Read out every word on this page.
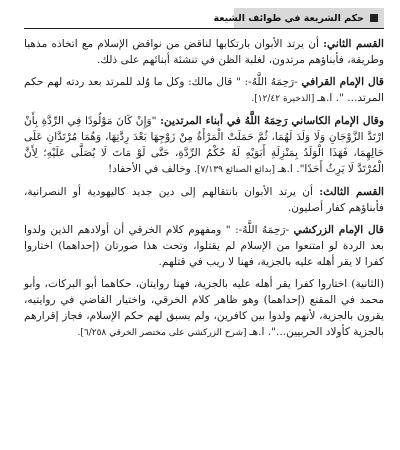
حكم الشريعة في طوائف الشيعة

القسم الثاني: أن يرتد الأبوان بارتكابها لناقض من نواقض الإسلام مع اتخاذه مذهبا وطريقة، فأبناؤهم مرتدون، لغلبة الظن في تنشئة أبنائهم على ذلك.

قال الإمام القرافي -رَحِمَهُ اللَّهُ-: " قال مالك: وكل ما وُلد للمرتد بعد ردته لهم حكم المرتد... ". ا.هـ [الذخيرة ١٢/٤٢].

وقال الإمام الكاساني رَحِمَهُ اللَّهُ في أبناء المرتدين: "وَإِنْ كَانَ مَوْلُودًا فِي الرِّدَّةِ بِأَنْ ارْتَدَّ الزَّوْجَانِ وَلَا وَلَدَ لَهُمَا، ثُمَّ حَمَلَتْ الْمَرْأَةُ مِنْ زَوْجِهَا بَعْدَ رِدَّتِهَا، وَهُمَا مُرْتَدَّانِ عَلَى حَالِهِمَا، فَهَذَا الْوَلَدُ بِمَنْزِلَةِ أَبَوَيْهِ لَهُ حُكْمُ الرِّدَّةِ، حَتَّى لَوْ مَاتَ لَا يُصَلَّى عَلَيْهِ؛ لِأَنَّ الْمُرْتَدَّ لَا يَرِثُ أَحَدًا". ا.هـ [بدائع الصنائع ٧/١٣٩]. وخالف في الأحفاد!

القسم الثالث: أن يرتد الأبوان بانتقالهم إلى دين جديد كاليهودية أو النصرانية، فأبناؤهم كفار أصليون.

قال الإمام الزركشي -رَحِمَهُ اللَّهُ-: " ومفهوم كلام الخرقي أن أولادهم الذين ولدوا بعد الردة لو امتنعوا من الإسلام لم يقتلوا، وتحت هذا صورتان (إحداهما) اختاروا كفرا لا يقر أهله عليه بالجزية، فهنا لا ريب في قتلهم.

(الثانية) اختاروا كفرا يقر أهله عليه بالجزية، فهنا روايتان، حكاهما أبو البركات، وأبو محمد في المقنع (إحداهما) وهو ظاهر كلام الخرقي، واختيار القاضي في روايتيه، يقرون بالجزية، لأنهم ولدوا بين كافرين، ولم يسبق لهم حكم الإسلام، فجاز إقرارهم بالجزية كأولاد الحربيين...". ا.هـ [شرح الزركشي على مختصر الخرقي ٦/٢٥٨].
